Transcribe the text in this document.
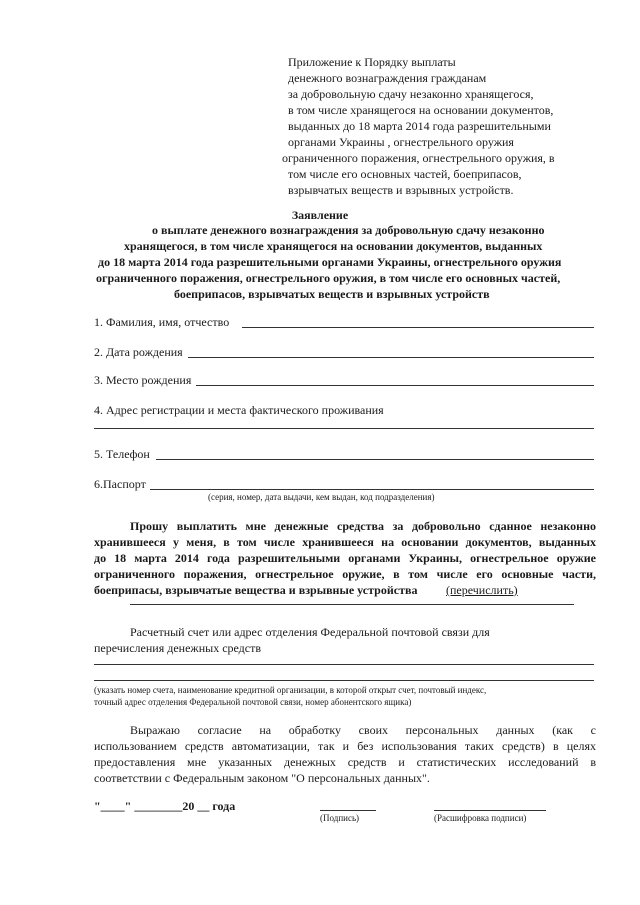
Приложение к Порядку выплаты
денежного вознаграждения гражданам
за добровольную сдачу незаконно хранящегося,
в том числе хранящегося на основании документов,
выданных до 18 марта 2014 года разрешительными
органами Украины , огнестрельного оружия
ограниченного поражения, огнестрельного оружия, в
том числе его основных частей, боеприпасов,
взрывчатых веществ и взрывных устройств.
Заявление
о выплате денежного вознаграждения за добровольную сдачу незаконно
хранящегося, в том числе хранящегося на основании документов, выданных
до 18 марта 2014 года разрешительными органами Украины, огнестрельного оружия
ограниченного поражения, огнестрельного оружия, в том числе его основных частей,
боеприпасов, взрывчатых веществ и взрывных устройств
1. Фамилия, имя, отчество
2. Дата рождения
3. Место рождения
4. Адрес регистрации и места фактического проживания
5. Телефон
6.Паспорт
(серия, номер, дата выдачи, кем выдан, код подразделения)
Прошу выплатить мне денежные средства за добровольно сданное незаконно
хранившееся у меня, в том числе хранившееся на основании документов, выданных
до 18 марта 2014 года разрешительными органами Украины, огнестрельное оружие
ограниченного поражения, огнестрельное оружие, в том числе его основные части,
боеприпасы, взрывчатые вещества и взрывные устройства (перечислить)
Расчетный счет или адрес отделения Федеральной почтовой связи для
перечисления денежных средств
(указать номер счета, наименование кредитной организации, в которой открыт счет, почтовый индекс,
точный адрес отделения Федеральной почтовой связи, номер абонентского ящика)
Выражаю согласие на обработку своих персональных данных (как с
использованием средств автоматизации, так и без использования таких средств) в целях
предоставления мне указанных денежных средств и статистических исследований в
соответствии с Федеральным законом "О персональных данных".
"____" ________20 __ года
(Подпись)	(Расшифровка подписи)
